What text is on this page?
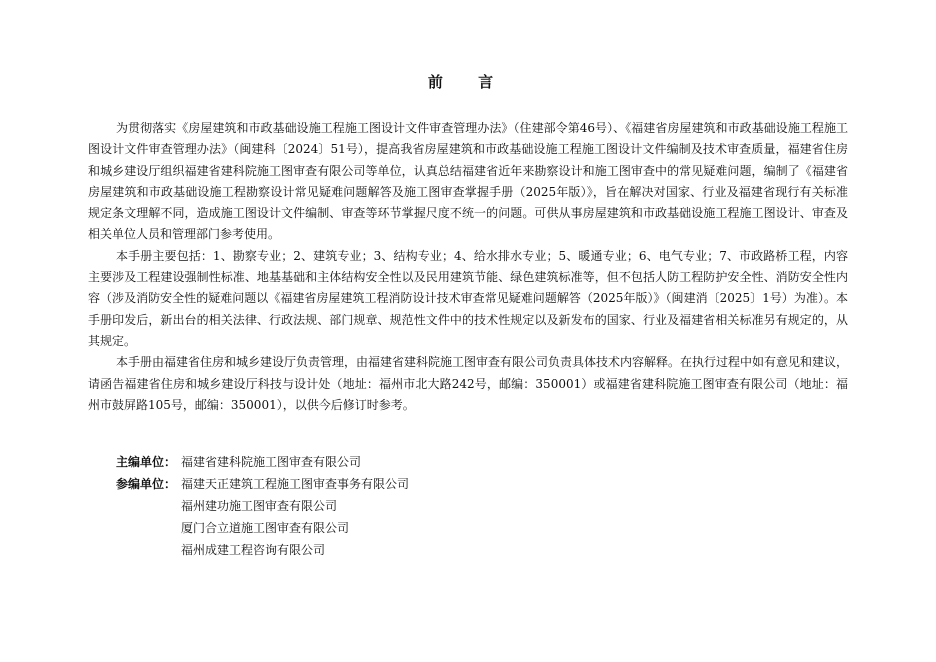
前 言

为贯彻落实《房屋建筑和市政基础设施工程施工图设计文件审查管理办法》（住建部令第46号）、《福建省房屋建筑和市政基础设施工程施工图设计文件审查管理办法》（闽建科〔2024〕51号），提高我省房屋建筑和市政基础设施工程施工图设计文件编制及技术审查质量，福建省住房和城乡建设厅组织福建省建科院施工图审查有限公司等单位，认真总结福建省近年来勘察设计和施工图审查中的常见疑难问题，编制了《福建省房屋建筑和市政基础设施工程勘察设计常见疑难问题解答及施工图审查掌握手册（2025年版）》，旨在解决对国家、行业及福建省现行有关标准规定条文理解不同，造成施工图设计文件编制、审查等环节掌握尺度不统一的问题。可供从事房屋建筑和市政基础设施工程施工图设计、审查及相关单位人员和管理部门参考使用。

本手册主要包括：1、勘察专业；2、建筑专业；3、结构专业；4、给水排水专业；5、暖通专业；6、电气专业；7、市政路桥工程，内容主要涉及工程建设强制性标准、地基基础和主体结构安全性以及民用建筑节能、绿色建筑标准等，但不包括人防工程防护安全性、消防安全性内容（涉及消防安全性的疑难问题以《福建省房屋建筑工程消防设计技术审查常见疑难问题解答（2025年版）》（闽建消〔2025〕1号）为准）。本手册印发后，新出台的相关法律、行政法规、部门规章、规范性文件中的技术性规定以及新发布的国家、行业及福建省相关标准另有规定的，从其规定。

本手册由福建省住房和城乡建设厅负责管理，由福建省建科院施工图审查有限公司负责具体技术内容解释。在执行过程中如有意见和建议，请函告福建省住房和城乡建设厅科技与设计处（地址：福州市北大路242号，邮编：350001）或福建省建科院施工图审查有限公司（地址：福州市鼓屏路105号，邮编：350001），以供今后修订时参考。

主编单位： 福建省建科院施工图审查有限公司
参编单位： 福建天正建筑工程施工图审查事务有限公司
福州建功施工图审查有限公司
厦门合立道施工图审查有限公司
福州成建工程咨询有限公司
